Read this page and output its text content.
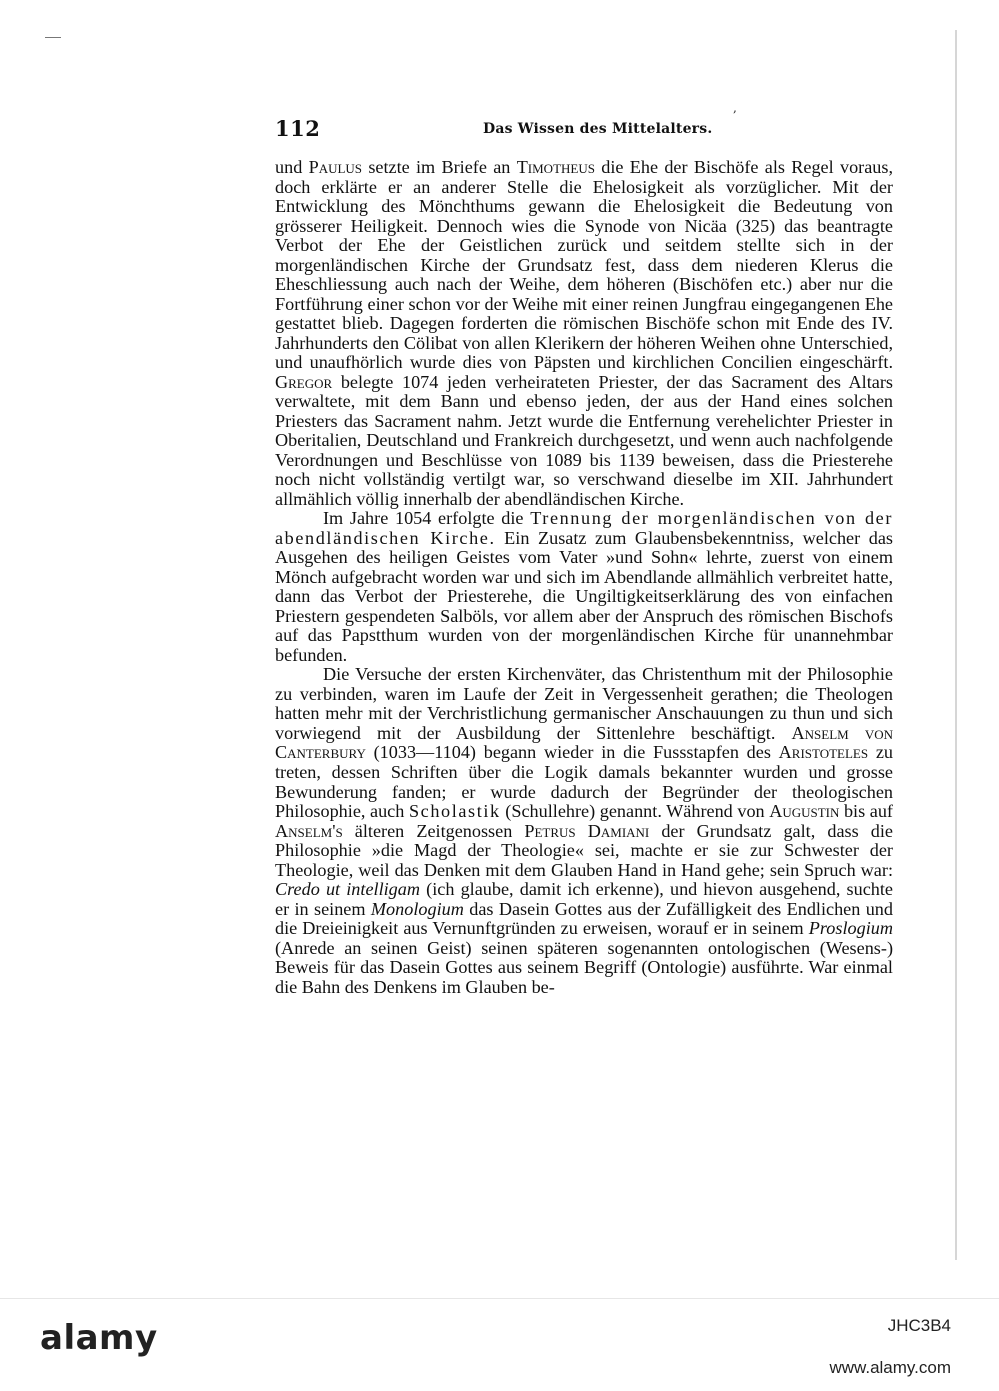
,
112	Das Wissen des Mittelalters.

und Paulus setzte im Briefe an Timotheus die Ehe der Bischöfe als Regel voraus, doch erklärte er an anderer Stelle die Ehelosigkeit als vorzüglicher. Mit der Entwicklung des Mönchthums gewann die Ehelosigkeit die Bedeutung von grösserer Heiligkeit. Dennoch wies die Synode von Nicäa (325) das beantragte Verbot der Ehe der Geistlichen zurück und seitdem stellte sich in der morgenländischen Kirche der Grundsatz fest, dass dem niederen Klerus die Eheschliessung auch nach der Weihe, dem höheren (Bischöfen etc.) aber nur die Fortführung einer schon vor der Weihe mit einer reinen Jungfrau eingegangenen Ehe gestattet blieb. Dagegen forderten die römischen Bischöfe schon mit Ende des IV. Jahrhunderts den Cölibat von allen Klerikern der höheren Weihen ohne Unterschied, und unaufhörlich wurde dies von Päpsten und kirchlichen Concilien eingeschärft. Gregor belegte 1074 jeden verheirateten Priester, der das Sacrament des Altars verwaltete, mit dem Bann und ebenso jeden, der aus der Hand eines solchen Priesters das Sacrament nahm. Jetzt wurde die Entfernung verehelichter Priester in Oberitalien, Deutschland und Frankreich durchgesetzt, und wenn auch nachfolgende Verordnungen und Beschlüsse von 1089 bis 1139 beweisen, dass die Priesterehe noch nicht vollständig vertilgt war, so verschwand dieselbe im XII. Jahrhundert allmählich völlig innerhalb der abendländischen Kirche.

Im Jahre 1054 erfolgte die Trennung der morgenländischen von der abendländischen Kirche. Ein Zusatz zum Glaubensbekenntniss, welcher das Ausgehen des heiligen Geistes vom Vater »und Sohn« lehrte, zuerst von einem Mönch aufgebracht worden war und sich im Abendlande allmählich verbreitet hatte, dann das Verbot der Priesterehe, die Ungiltigkeitserklärung des von einfachen Priestern gespendeten Salböls, vor allem aber der Anspruch des römischen Bischofs auf das Papstthum wurden von der morgenländischen Kirche für unannehmbar befunden.

Die Versuche der ersten Kirchenväter, das Christenthum mit der Philosophie zu verbinden, waren im Laufe der Zeit in Vergessenheit gerathen; die Theologen hatten mehr mit der Verchristlichung germanischer Anschauungen zu thun und sich vorwiegend mit der Ausbildung der Sittenlehre beschäftigt. Anselm von Canterbury (1033—1104) begann wieder in die Fussstapfen des Aristoteles zu treten, dessen Schriften über die Logik damals bekannter wurden und grosse Bewunderung fanden; er wurde dadurch der Begründer der theologischen Philosophie, auch Scholastik (Schullehre) genannt. Während von Augustin bis auf Anselm's älteren Zeitgenossen Petrus Damiani der Grundsatz galt, dass die Philosophie »die Magd der Theologie« sei, machte er sie zur Schwester der Theologie, weil das Denken mit dem Glauben Hand in Hand gehe; sein Spruch war: Credo ut intelligam (ich glaube, damit ich erkenne), und hievon ausgehend, suchte er in seinem Monologium das Dasein Gottes aus der Zufälligkeit des Endlichen und die Dreieinigkeit aus Vernunftgründen zu erweisen, worauf er in seinem Proslogium (Anrede an seinen Geist) seinen späteren sogenannten ontologischen (Wesens-) Beweis für das Dasein Gottes aus seinem Begriff (Ontologie) ausführte. War einmal die Bahn des Denkens im Glauben be-

alamy	JHC3B4
www.alamy.com
